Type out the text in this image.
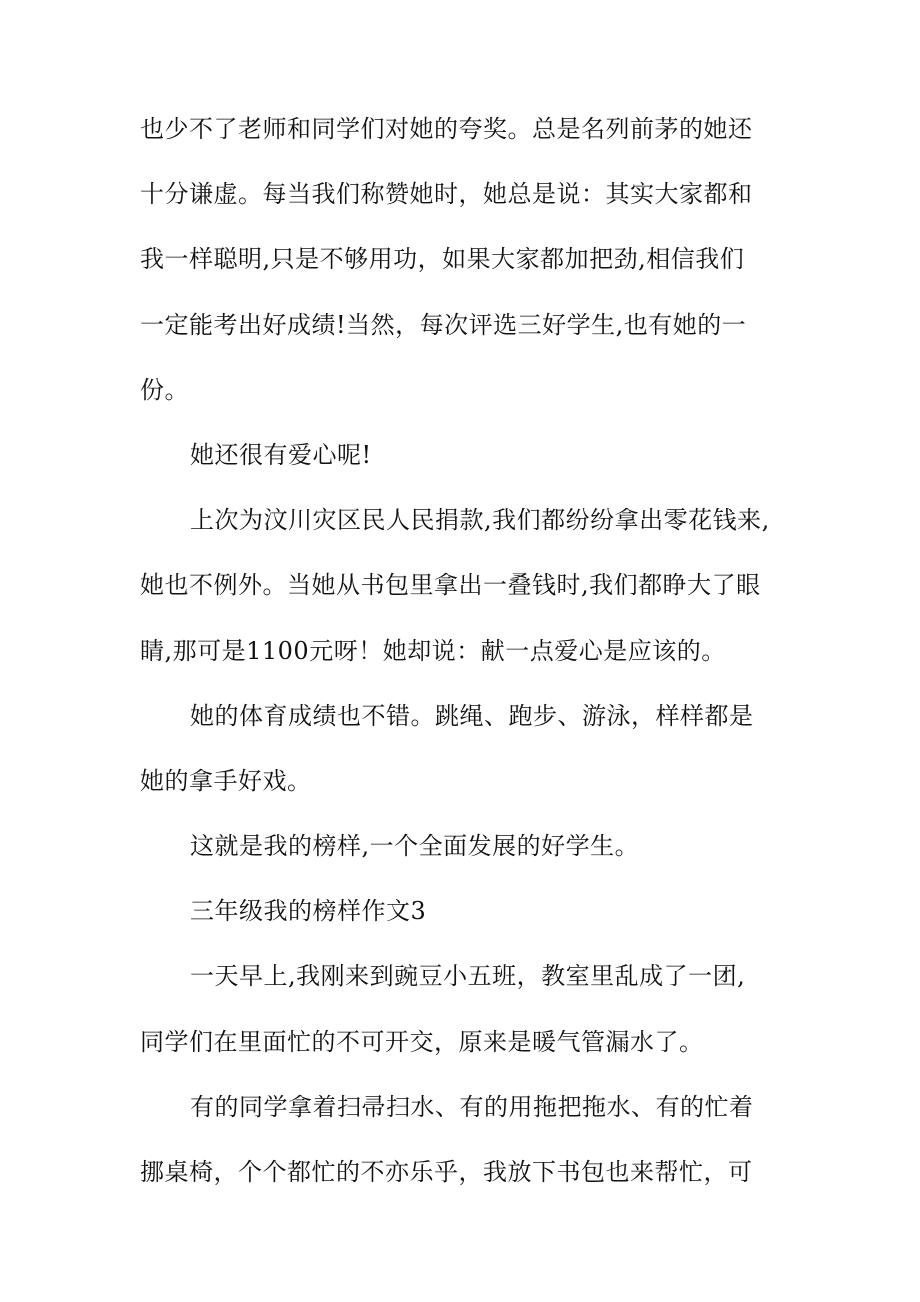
也少不了老师和同学们对她的夸奖。总是名列前茅的她还
十分谦虚。每当我们称赞她时，她总是说：其实大家都和
我一样聪明,只是不够用功，如果大家都加把劲,相信我们
一定能考出好成绩!当然，每次评选三好学生,也有她的一
份。
她还很有爱心呢!
上次为汶川灾区民人民捐款,我们都纷纷拿出零花钱来,
她也不例外。当她从书包里拿出一叠钱时,我们都睁大了眼
睛,那可是1100元呀！她却说：献一点爱心是应该的。
她的体育成绩也不错。跳绳、跑步、游泳，样样都是
她的拿手好戏。
这就是我的榜样,一个全面发展的好学生。
三年级我的榜样作文3
一天早上,我刚来到豌豆小五班，教室里乱成了一团,
同学们在里面忙的不可开交，原来是暖气管漏水了。
有的同学拿着扫帚扫水、有的用拖把拖水、有的忙着
挪桌椅，个个都忙的不亦乐乎，我放下书包也来帮忙，可
